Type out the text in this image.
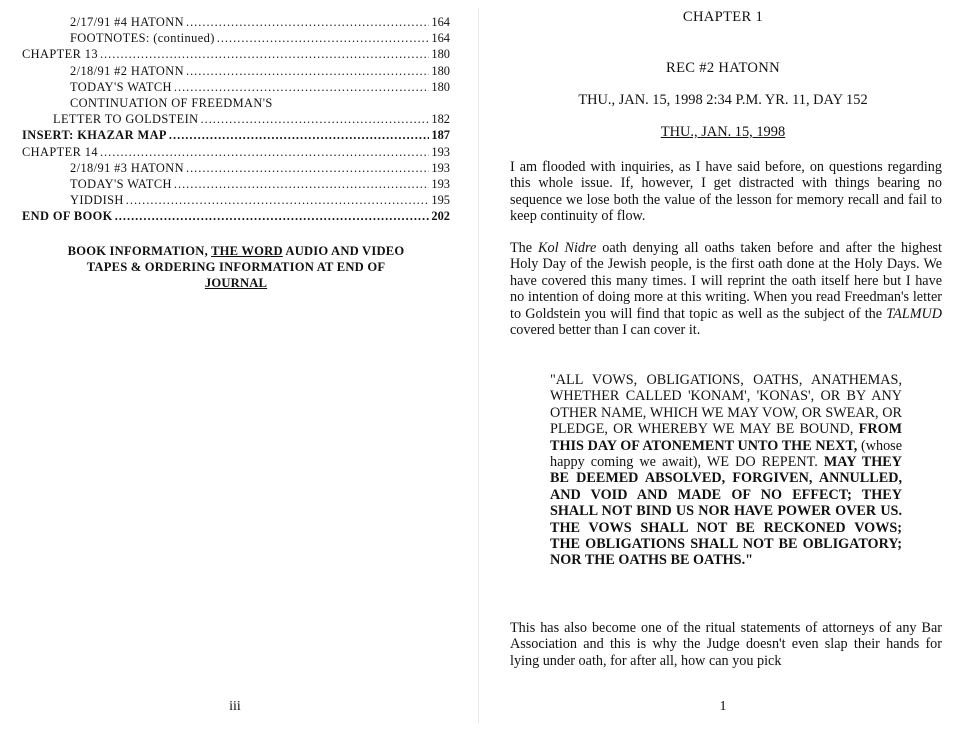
2/17/91 #4 HATONN .....	164
FOOTNOTES: (continued) .....	164
CHAPTER 13 .....	180
2/18/91 #2 HATONN .....	180
TODAY'S WATCH .....	180
CONTINUATION OF FREEDMAN'S
LETTER TO GOLDSTEIN .....	182
INSERT: KHAZAR MAP .....	187
CHAPTER 14 .....	193
2/18/91 #3 HATONN .....	193
TODAY'S WATCH .....	193
YIDDISH .....	195
END OF BOOK .....	202
BOOK INFORMATION, THE WORD AUDIO AND VIDEO
TAPES & ORDERING INFORMATION AT END OF
JOURNAL
iii
CHAPTER 1
REC #2 HATONN
THU., JAN. 15, 1998 2:34 P.M. YR. 11, DAY 152
THU., JAN. 15, 1998
I am flooded with inquiries, as I have said before, on questions regarding this whole issue. If, however, I get distracted with things bearing no sequence we lose both the value of the lesson for memory recall and fail to keep continuity of flow.
The Kol Nidre oath denying all oaths taken before and after the highest Holy Day of the Jewish people, is the first oath done at the Holy Days. We have covered this many times. I will reprint the oath itself here but I have no intention of doing more at this writing. When you read Freedman's letter to Goldstein you will find that topic as well as the subject of the TALMUD covered better than I can cover it.
"ALL VOWS, OBLIGATIONS, OATHS, ANATHEMAS, WHETHER CALLED 'KONAM', 'KONAS', OR BY ANY OTHER NAME, WHICH WE MAY VOW, OR SWEAR, OR PLEDGE, OR WHEREBY WE MAY BE BOUND, FROM THIS DAY OF ATONEMENT UNTO THE NEXT, (whose happy coming we await), WE DO REPENT. MAY THEY BE DEEMED ABSOLVED, FORGIVEN, ANNULLED, AND VOID AND MADE OF NO EFFECT; THEY SHALL NOT BIND US NOR HAVE POWER OVER US. THE VOWS SHALL NOT BE RECKONED VOWS; THE OBLIGATIONS SHALL NOT BE OBLIGATORY; NOR THE OATHS BE OATHS."
This has also become one of the ritual statements of attorneys of any Bar Association and this is why the Judge doesn't even slap their hands for lying under oath, for after all, how can you pick
1
